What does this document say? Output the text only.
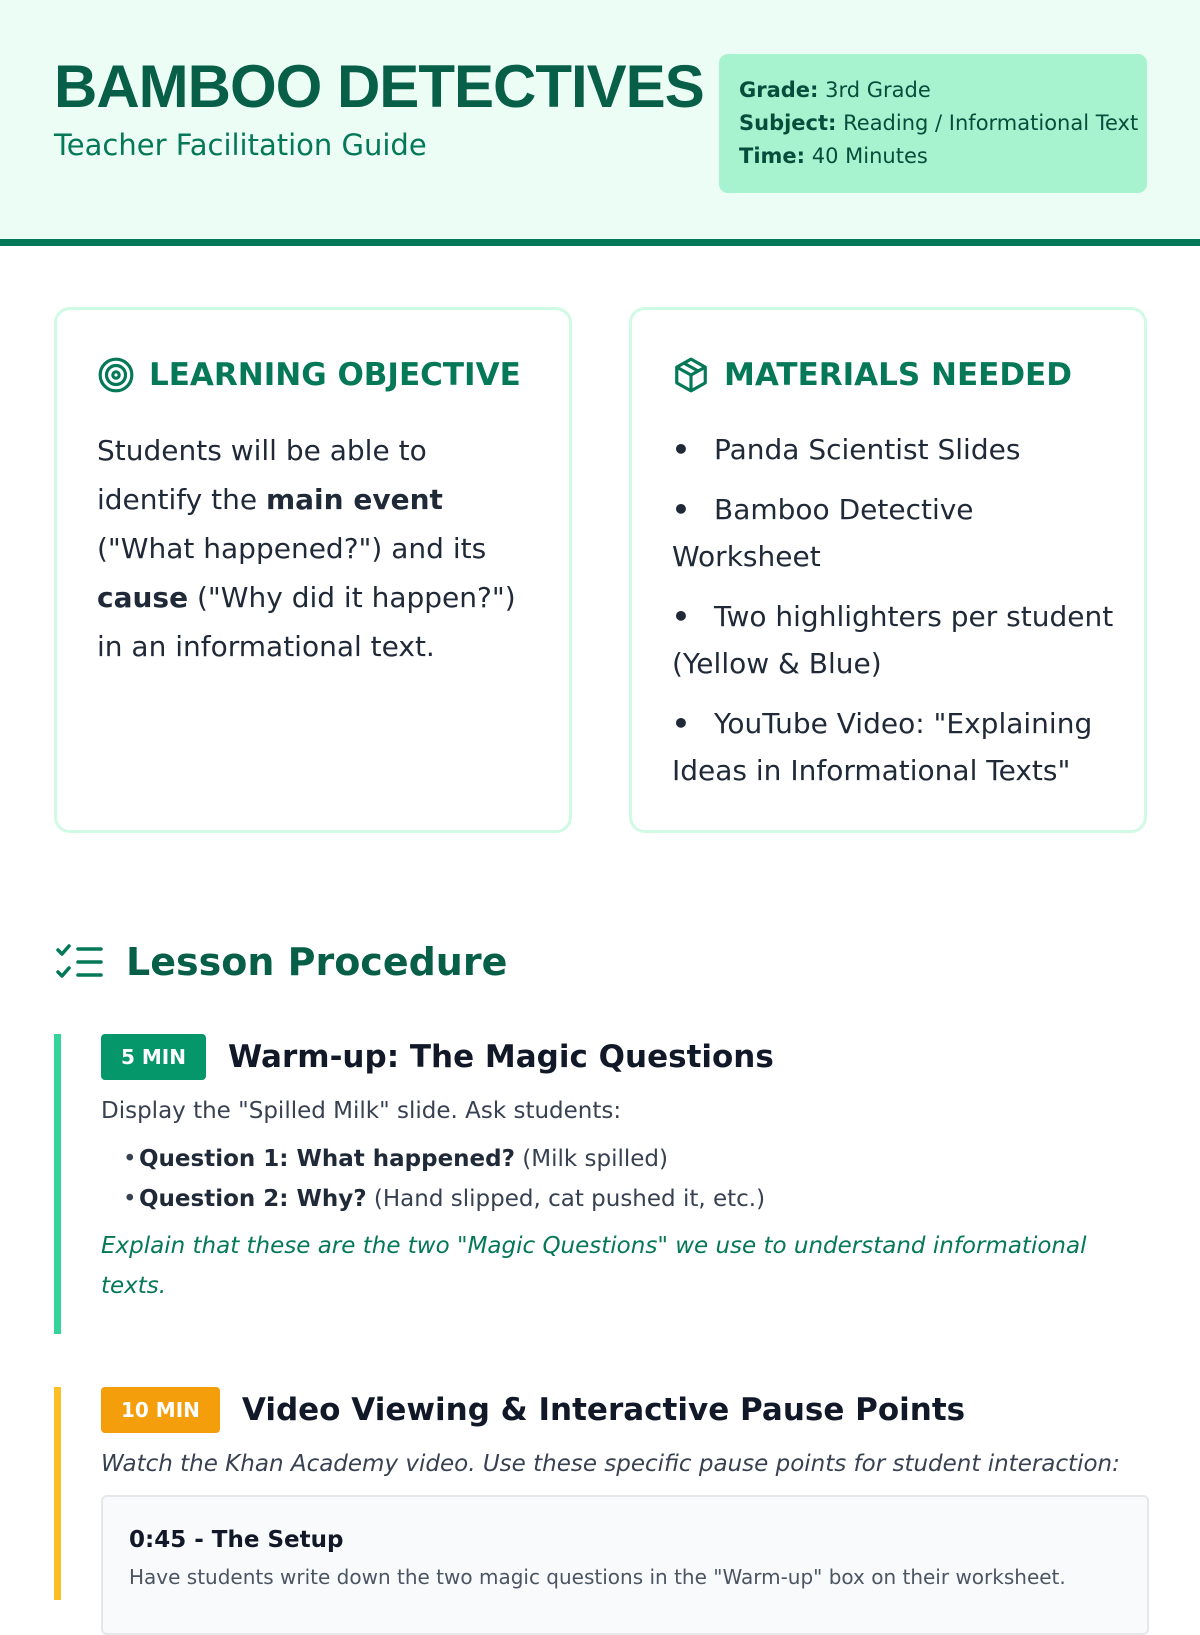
BAMBOO DETECTIVES
Teacher Facilitation Guide
Grade: 3rd Grade
Subject: Reading / Informational Text
Time: 40 Minutes
LEARNING OBJECTIVE
Students will be able to identify the main event ("What happened?") and its cause ("Why did it happen?") in an informational text.
MATERIALS NEEDED
• Panda Scientist Slides
• Bamboo Detective Worksheet
• Two highlighters per student (Yellow & Blue)
• YouTube Video: "Explaining Ideas in Informational Texts"
Lesson Procedure
5 MIN	Warm-up: The Magic Questions
Display the "Spilled Milk" slide. Ask students:
• Question 1: What happened? (Milk spilled)
• Question 2: Why? (Hand slipped, cat pushed it, etc.)
Explain that these are the two "Magic Questions" we use to understand informational texts.
10 MIN	Video Viewing & Interactive Pause Points
Watch the Khan Academy video. Use these specific pause points for student interaction:
0:45 - The Setup
Have students write down the two magic questions in the "Warm-up" box on their worksheet.
